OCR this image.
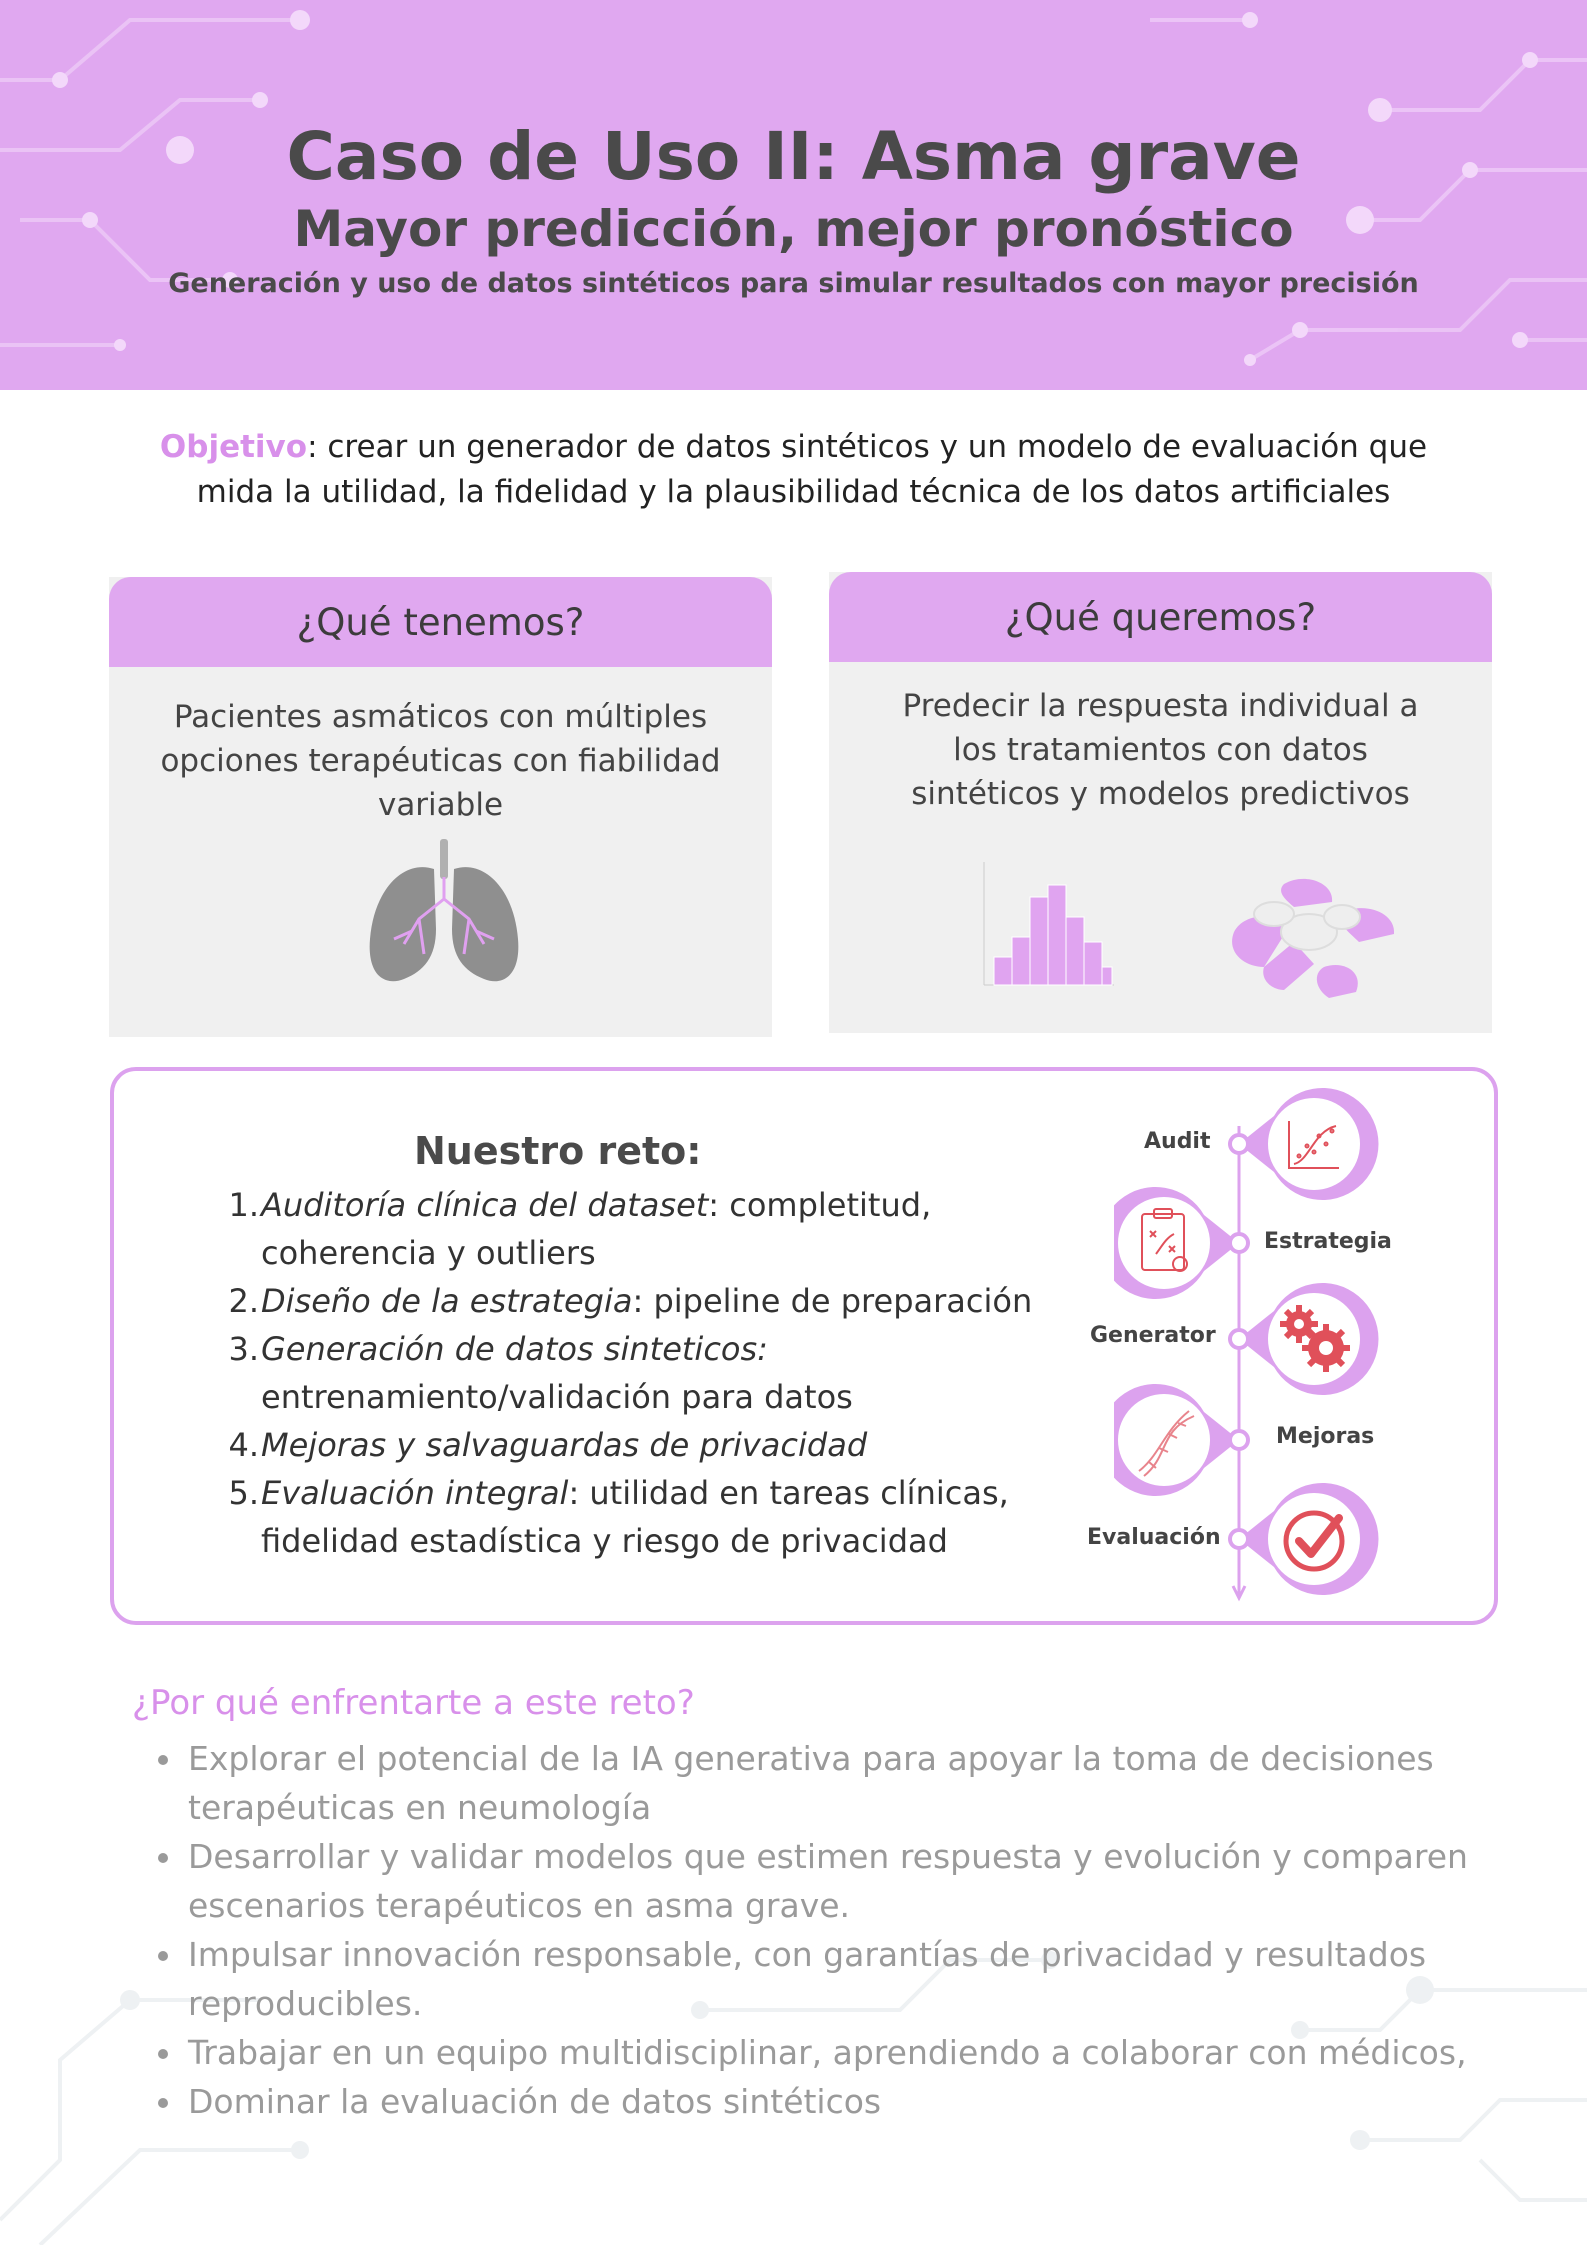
Caso de Uso II: Asma grave
Mayor predicción, mejor pronóstico
Generación y uso de datos sintéticos para simular resultados con mayor precisión
Objetivo: crear un generador de datos sintéticos y un modelo de evaluación que
mida la utilidad, la fidelidad y la plausibilidad técnica de los datos artificiales
¿Qué tenemos?
Pacientes asmáticos con múltiples
opciones terapéuticas con fiabilidad
variable
¿Qué queremos?
Predecir la respuesta individual a
los tratamientos con datos
sintéticos y modelos predictivos
Nuestro reto:
1. Auditoría clínica del dataset: completitud,
coherencia y outliers
2. Diseño de la estrategia: pipeline de preparación
3. Generación de datos sinteticos:
entrenamiento/validación para datos
4. Mejoras y salvaguardas de privacidad
5. Evaluación integral: utilidad en tareas clínicas,
fidelidad estadística y riesgo de privacidad
Audit
Estrategia
Generator
Mejoras
Evaluación
¿Por qué enfrentarte a este reto?
Explorar el potencial de la IA generativa para apoyar la toma de decisiones
terapéuticas en neumología
Desarrollar y validar modelos que estimen respuesta y evolución y comparen
escenarios terapéuticos en asma grave.
Impulsar innovación responsable, con garantías de privacidad y resultados
reproducibles.
Trabajar en un equipo multidisciplinar, aprendiendo a colaborar con médicos,
Dominar la evaluación de datos sintéticos
